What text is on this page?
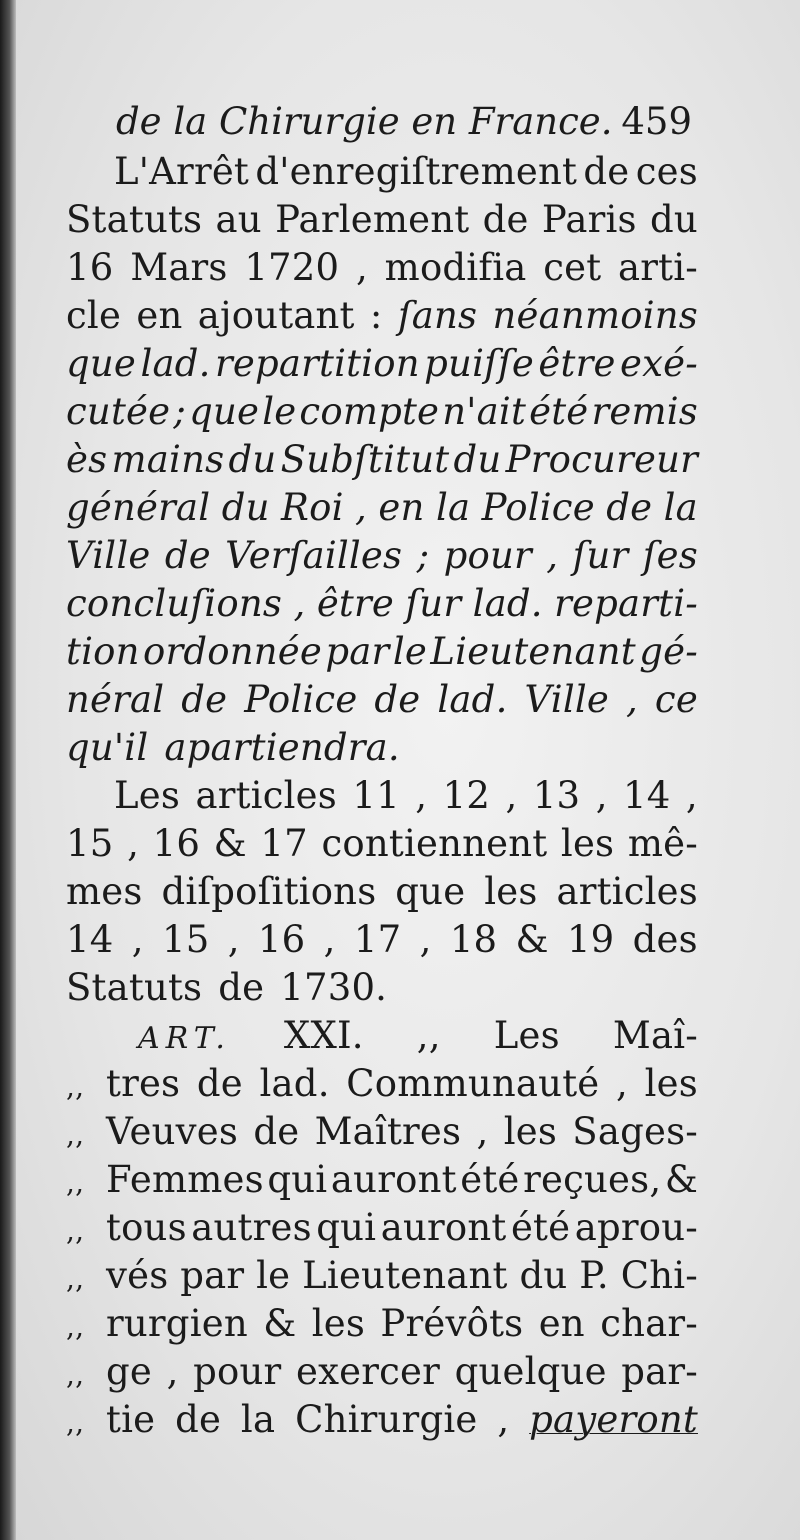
de la Chirurgie en France. 459
L'Arrêt d'enregiſtrement de ces
Statuts au Parlement de Paris du
16 Mars 1720 , modifia cet arti-
cle en ajoutant : ſans néanmoins
que lad. repartition puiſſe être exé-
cutée ; que le compte n'ait été remis
ès mains du Subſtitut du Procureur
général du Roi , en la Police de la
Ville de Verſailles ; pour , ſur ſes
concluſions , être ſur lad. reparti-
tion ordonnée par le Lieutenant gé-
néral de Police de lad. Ville , ce
qu'il apartiendra.
Les articles 11 , 12 , 13 , 14 ,
15 , 16 & 17 contiennent les mê-
mes diſpoſitions que les articles
14 , 15 , 16 , 17 , 18 & 19 des
Statuts de 1730.
ART. XXI. ,, Les Maî-
,, tres de lad. Communauté , les
,, Veuves de Maîtres , les Sages-
,, Femmes qui auront été reçues, &
,, tous autres qui auront été aprou-
,, vés par le Lieutenant du P. Chi-
,, rurgien & les Prévôts en char-
,, ge , pour exercer quelque par-
,, tie de la Chirurgie , payeront
